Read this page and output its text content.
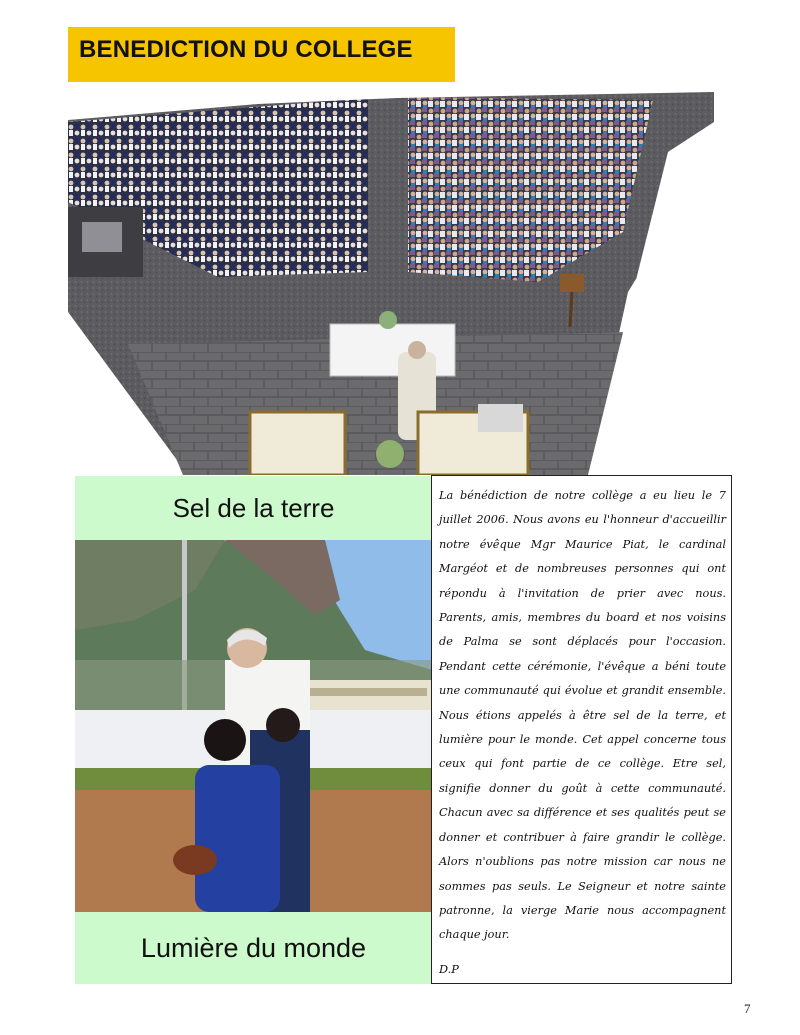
BENEDICTION DU COLLEGE
Sel de la terre
Lumière du monde

La bénédiction de notre collège a eu lieu le 7 juillet 2006. Nous avons eu l'honneur d'accueillir notre évêque Mgr Maurice Piat, le cardinal Margéot et de nombreuses personnes qui ont répondu à l'invitation de prier avec nous. Parents, amis, membres du board et nos voisins de Palma se sont déplacés pour l'occasion. Pendant cette cérémonie, l'évêque a béni toute une communauté qui évolue et grandit ensemble. Nous étions appelés à être sel de la terre, et lumière pour le monde. Cet appel concerne tous ceux qui font partie de ce collège. Etre sel, signifie donner du goût à cette communauté. Chacun avec sa différence et ses qualités peut se donner et contribuer à faire grandir le collège. Alors n'oublions pas notre mission car nous ne sommes pas seuls. Le Seigneur et notre sainte patronne, la vierge Marie nous accompagnent chaque jour.

D.P

7
